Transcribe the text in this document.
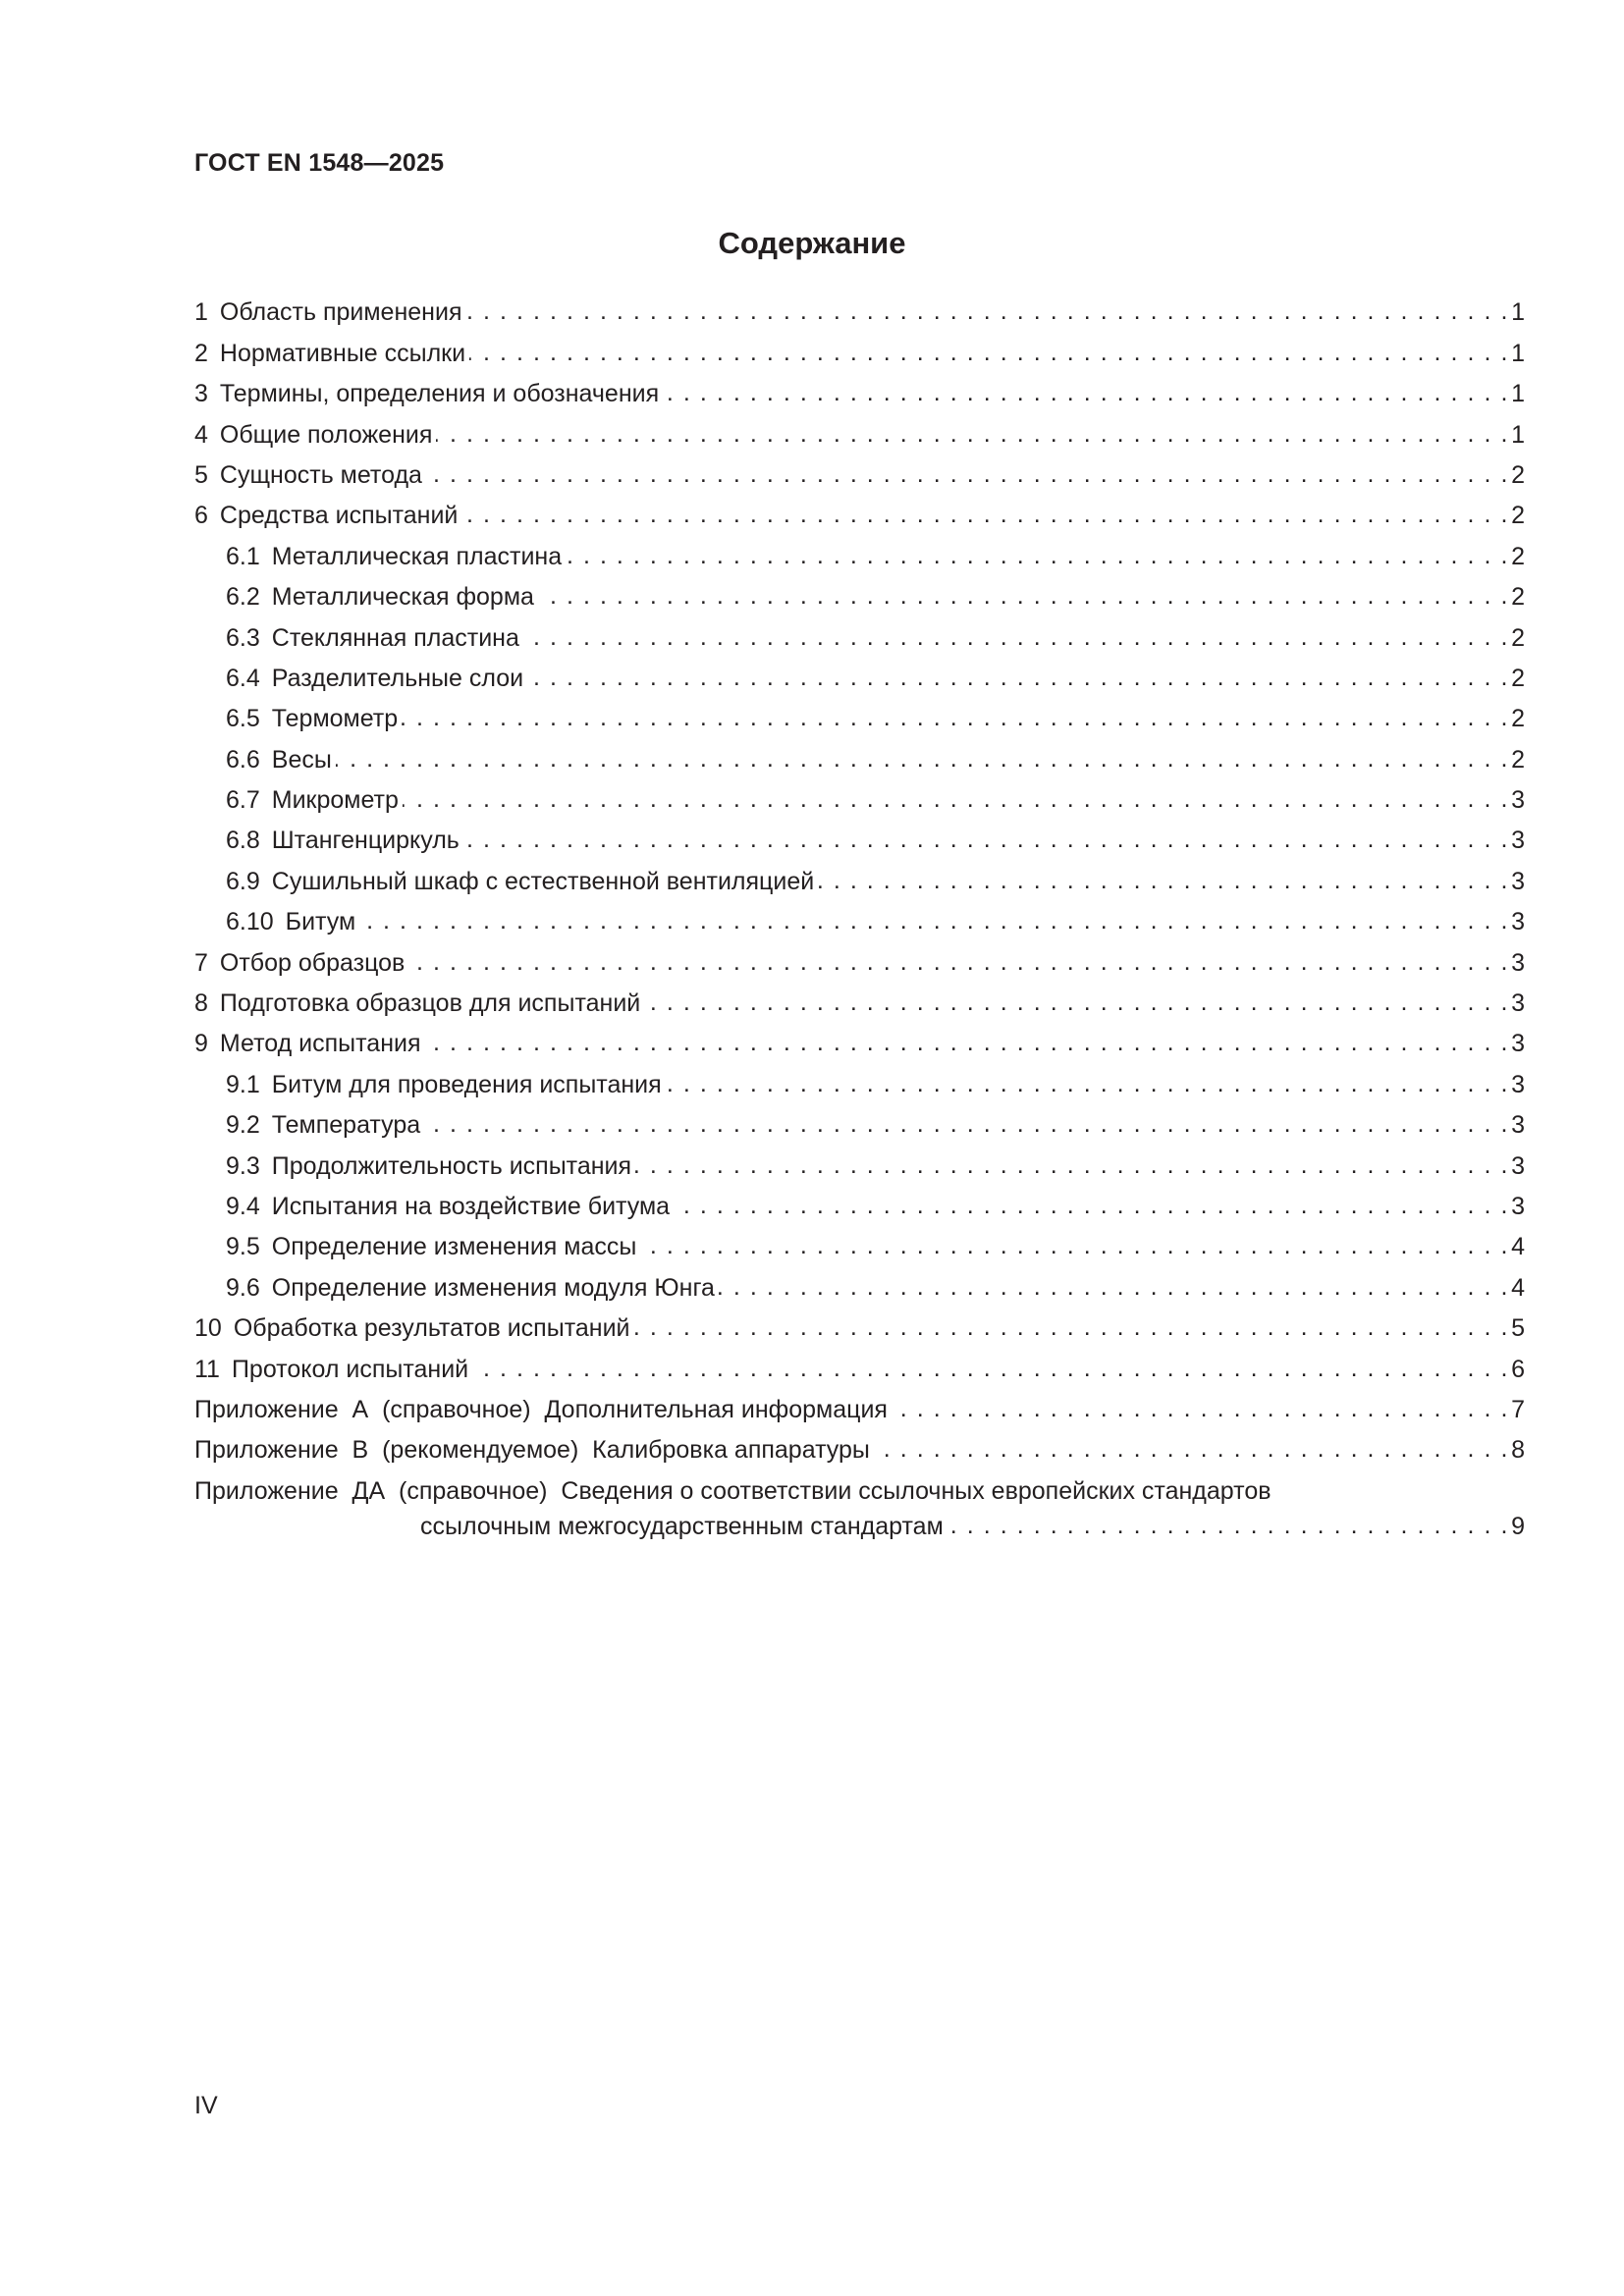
ГОСТ EN 1548—2025
Содержание
1 Область применения . . .	1
2 Нормативные ссылки . . .	1
3 Термины, определения и обозначения . . .	1
4 Общие положения . . .	1
5 Сущность метода . . .	2
6 Средства испытаний . . .	2
6.1 Металлическая пластина . . .	2
6.2 Металлическая форма . . .	2
6.3 Стеклянная пластина . . .	2
6.4 Разделительные слои . . .	2
6.5 Термометр . . .	2
6.6 Весы . . .	2
6.7 Микрометр . . .	3
6.8 Штангенциркуль . . .	3
6.9 Сушильный шкаф с естественной вентиляцией . . .	3
6.10 Битум . . .	3
7 Отбор образцов . . .	3
8 Подготовка образцов для испытаний . . .	3
9 Метод испытания . . .	3
9.1 Битум для проведения испытания . . .	3
9.2 Температура . . .	3
9.3 Продолжительность испытания . . .	3
9.4 Испытания на воздействие битума . . .	3
9.5 Определение изменения массы . . .	4
9.6 Определение изменения модуля Юнга . . .	4
10 Обработка результатов испытаний . . .	5
11 Протокол испытаний . . .	6
Приложение  А  (справочное)  Дополнительная информация . . .	7
Приложение  В  (рекомендуемое)  Калибровка аппаратуры . . .	8
Приложение  ДА  (справочное)  Сведения о соответствии ссылочных европейских стандартов
ссылочным межгосударственным стандартам . . .	9
IV
